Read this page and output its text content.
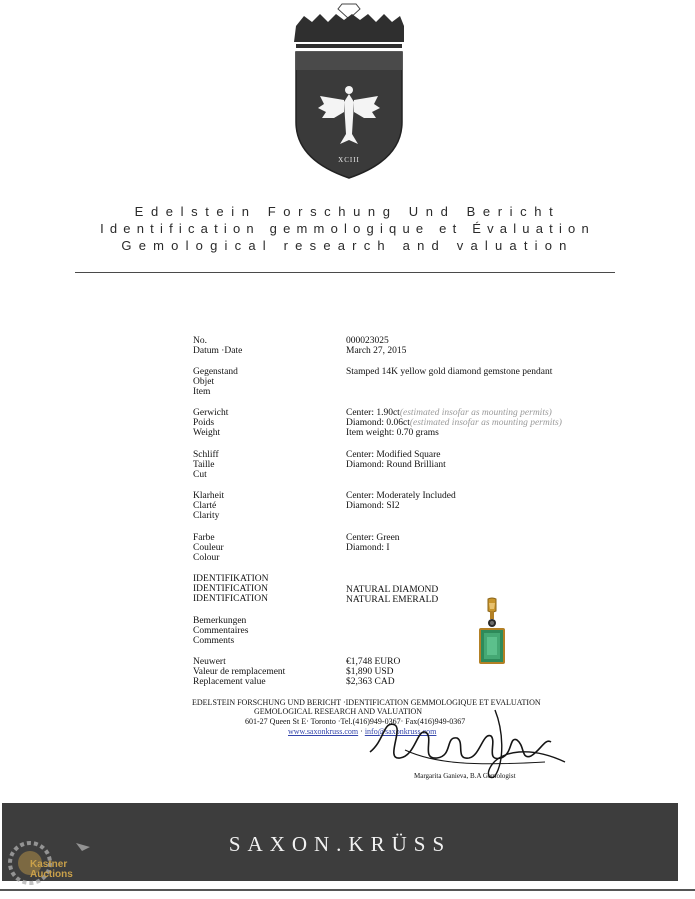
XCIII
Edelstein Forschung Und Bericht
Identification gemmologique et Évaluation
Gemological research and valuation
No.
Datum ·Date
000023025
March 27, 2015
Gegenstand
Objet
Item
Stamped 14K yellow gold diamond gemstone pendant
Gerwicht
Poids
Weight
Center: 1.90ct(estimated insofar as mounting permits)
Diamond: 0.06ct(estimated insofar as mounting permits)
Item weight: 0.70 grams
Schliff
Taille
Cut
Center: Modified Square
Diamond: Round Brilliant
Klarheit
Clarté
Clarity
Center: Moderately Included
Diamond: SI2
Farbe
Couleur
Colour
Center: Green
Diamond: I
IDENTIFIKATION
IDENTIFICATION
IDENTIFICATION
NATURAL DIAMOND
NATURAL EMERALD
Bemerkungen
Commentaires
Comments
Neuwert
Valeur de remplacement
Replacement value
€1,748 EURO
$1,890 USD
$2,363 CAD
EDELSTEIN FORSCHUNG UND BERICHT ·IDENTIFICATION GEMMOLOGIQUE ET EVALUATION
GEMOLOGICAL RESEARCH AND VALUATION
601-27 Queen St E· Toronto ·Tel.(416)949-0367· Fax(416)949-0367
www.saxonkruss.com · info@saxonkruss.com
Margarita Ganieva, B.A Gemologist
SAXON.KRÜSS
Kastner
Auctions
